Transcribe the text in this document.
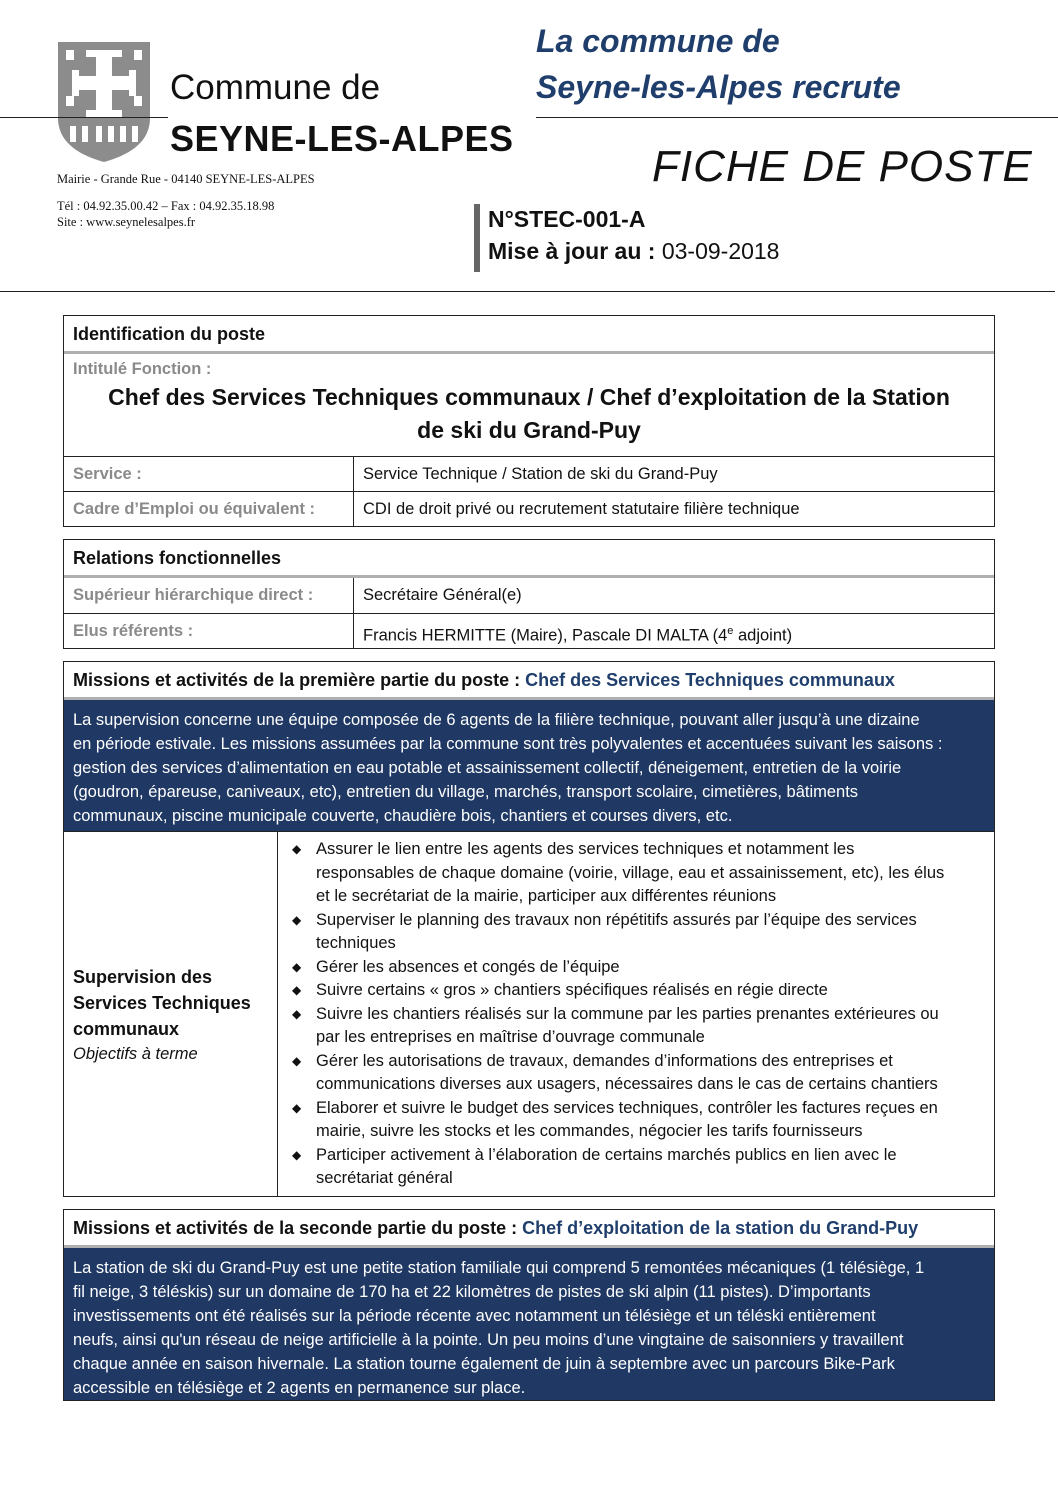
Commune de
SEYNE-LES-ALPES
Mairie - Grande Rue - 04140 SEYNE-LES-ALPES
Tél : 04.92.35.00.42 – Fax : 04.92.35.18.98
Site : www.seynelesalpes.fr
La commune de
Seyne-les-Alpes recrute
FICHE DE POSTE
N°STEC-001-A
Mise à jour au : 03-09-2018
Identification du poste
Intitulé Fonction :
Chef des Services Techniques communaux / Chef d’exploitation de la Station
de ski du Grand-Puy
Service :	Service Technique / Station de ski du Grand-Puy
Cadre d’Emploi ou équivalent :	CDI de droit privé ou recrutement statutaire filière technique
Relations fonctionnelles
Supérieur hiérarchique direct :	Secrétaire Général(e)
Elus référents :	Francis HERMITTE (Maire), Pascale DI MALTA (4e adjoint)
Missions et activités de la première partie du poste : Chef des Services Techniques communaux
La supervision concerne une équipe composée de 6 agents de la filière technique, pouvant aller jusqu’à une dizaine
en période estivale. Les missions assumées par la commune sont très polyvalentes et accentuées suivant les saisons :
gestion des services d’alimentation en eau potable et assainissement collectif, déneigement, entretien de la voirie
(goudron, épareuse, caniveaux, etc), entretien du village, marchés, transport scolaire, cimetières, bâtiments
communaux, piscine municipale couverte, chaudière bois, chantiers et courses divers, etc.
Supervision des
Services Techniques
communaux
Objectifs à terme
◆ Assurer le lien entre les agents des services techniques et notamment les
responsables de chaque domaine (voirie, village, eau et assainissement, etc), les élus
et le secrétariat de la mairie, participer aux différentes réunions
◆ Superviser le planning des travaux non répétitifs assurés par l’équipe des services
techniques
◆ Gérer les absences et congés de l’équipe
◆ Suivre certains « gros » chantiers spécifiques réalisés en régie directe
◆ Suivre les chantiers réalisés sur la commune par les parties prenantes extérieures ou
par les entreprises en maîtrise d’ouvrage communale
◆ Gérer les autorisations de travaux, demandes d’informations des entreprises et
communications diverses aux usagers, nécessaires dans le cas de certains chantiers
◆ Elaborer et suivre le budget des services techniques, contrôler les factures reçues en
mairie, suivre les stocks et les commandes, négocier les tarifs fournisseurs
◆ Participer activement à l’élaboration de certains marchés publics en lien avec le
secrétariat général
Missions et activités de la seconde partie du poste : Chef d’exploitation de la station du Grand-Puy
La station de ski du Grand-Puy est une petite station familiale qui comprend 5 remontées mécaniques (1 télésiège, 1
fil neige, 3 téléskis) sur un domaine de 170 ha et 22 kilomètres de pistes de ski alpin (11 pistes). D’importants
investissements ont été réalisés sur la période récente avec notamment un télésiège et un téléski entièrement
neufs, ainsi qu'un réseau de neige artificielle à la pointe. Un peu moins d’une vingtaine de saisonniers y travaillent
chaque année en saison hivernale. La station tourne également de juin à septembre avec un parcours Bike-Park
accessible en télésiège et 2 agents en permanence sur place.
